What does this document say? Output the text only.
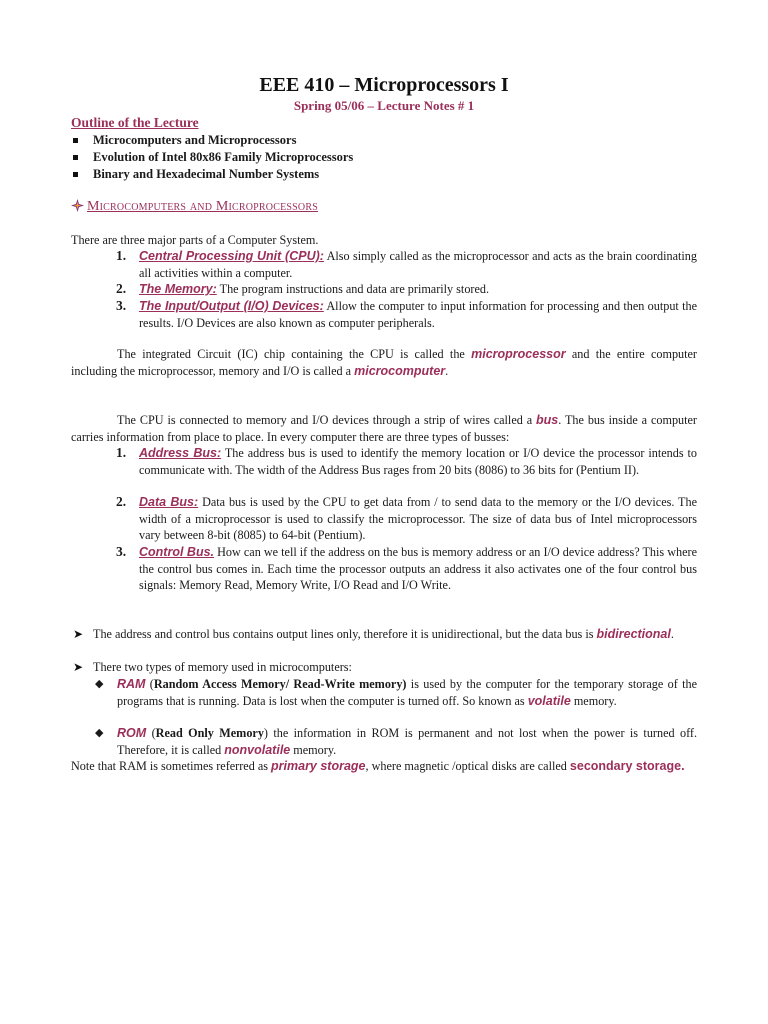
EEE 410 – Microprocessors I
Spring 05/06 – Lecture Notes # 1
Outline of the Lecture
Microcomputers and Microprocessors
Evolution of Intel 80x86 Family Microprocessors
Binary and Hexadecimal Number Systems
Microcomputers and Microprocessors
There are three major parts of a Computer System.
1. Central Processing Unit (CPU): Also simply called as the microprocessor and acts as the brain coordinating all activities within a computer.
2. The Memory: The program instructions and data are primarily stored.
3. The Input/Output (I/O) Devices: Allow the computer to input information for processing and then output the results. I/O Devices are also known as computer peripherals.
The integrated Circuit (IC) chip containing the CPU is called the microprocessor and the entire computer including the microprocessor, memory and I/O is called a microcomputer.
The CPU is connected to memory and I/O devices through a strip of wires called a bus. The bus inside a computer carries information from place to place. In every computer there are three types of busses:
1. Address Bus: The address bus is used to identify the memory location or I/O device the processor intends to communicate with. The width of the Address Bus rages from 20 bits (8086) to 36 bits for (Pentium II).
2. Data Bus: Data bus is used by the CPU to get data from / to send data to the memory or the I/O devices. The width of a microprocessor is used to classify the microprocessor. The size of data bus of Intel microprocessors vary between 8-bit (8085) to 64-bit (Pentium).
3. Control Bus. How can we tell if the address on the bus is memory address or an I/O device address? This where the control bus comes in. Each time the processor outputs an address it also activates one of the four control bus signals: Memory Read, Memory Write, I/O Read and I/O Write.
➤ The address and control bus contains output lines only, therefore it is unidirectional, but the data bus is bidirectional.
➤ There two types of memory used in microcomputers:
◆ RAM (Random Access Memory/ Read-Write memory) is used by the computer for the temporary storage of the programs that is running. Data is lost when the computer is turned off. So known as volatile memory.
◆ ROM (Read Only Memory) the information in ROM is permanent and not lost when the power is turned off. Therefore, it is called nonvolatile memory.
Note that RAM is sometimes referred as primary storage, where magnetic /optical disks are called secondary storage.
